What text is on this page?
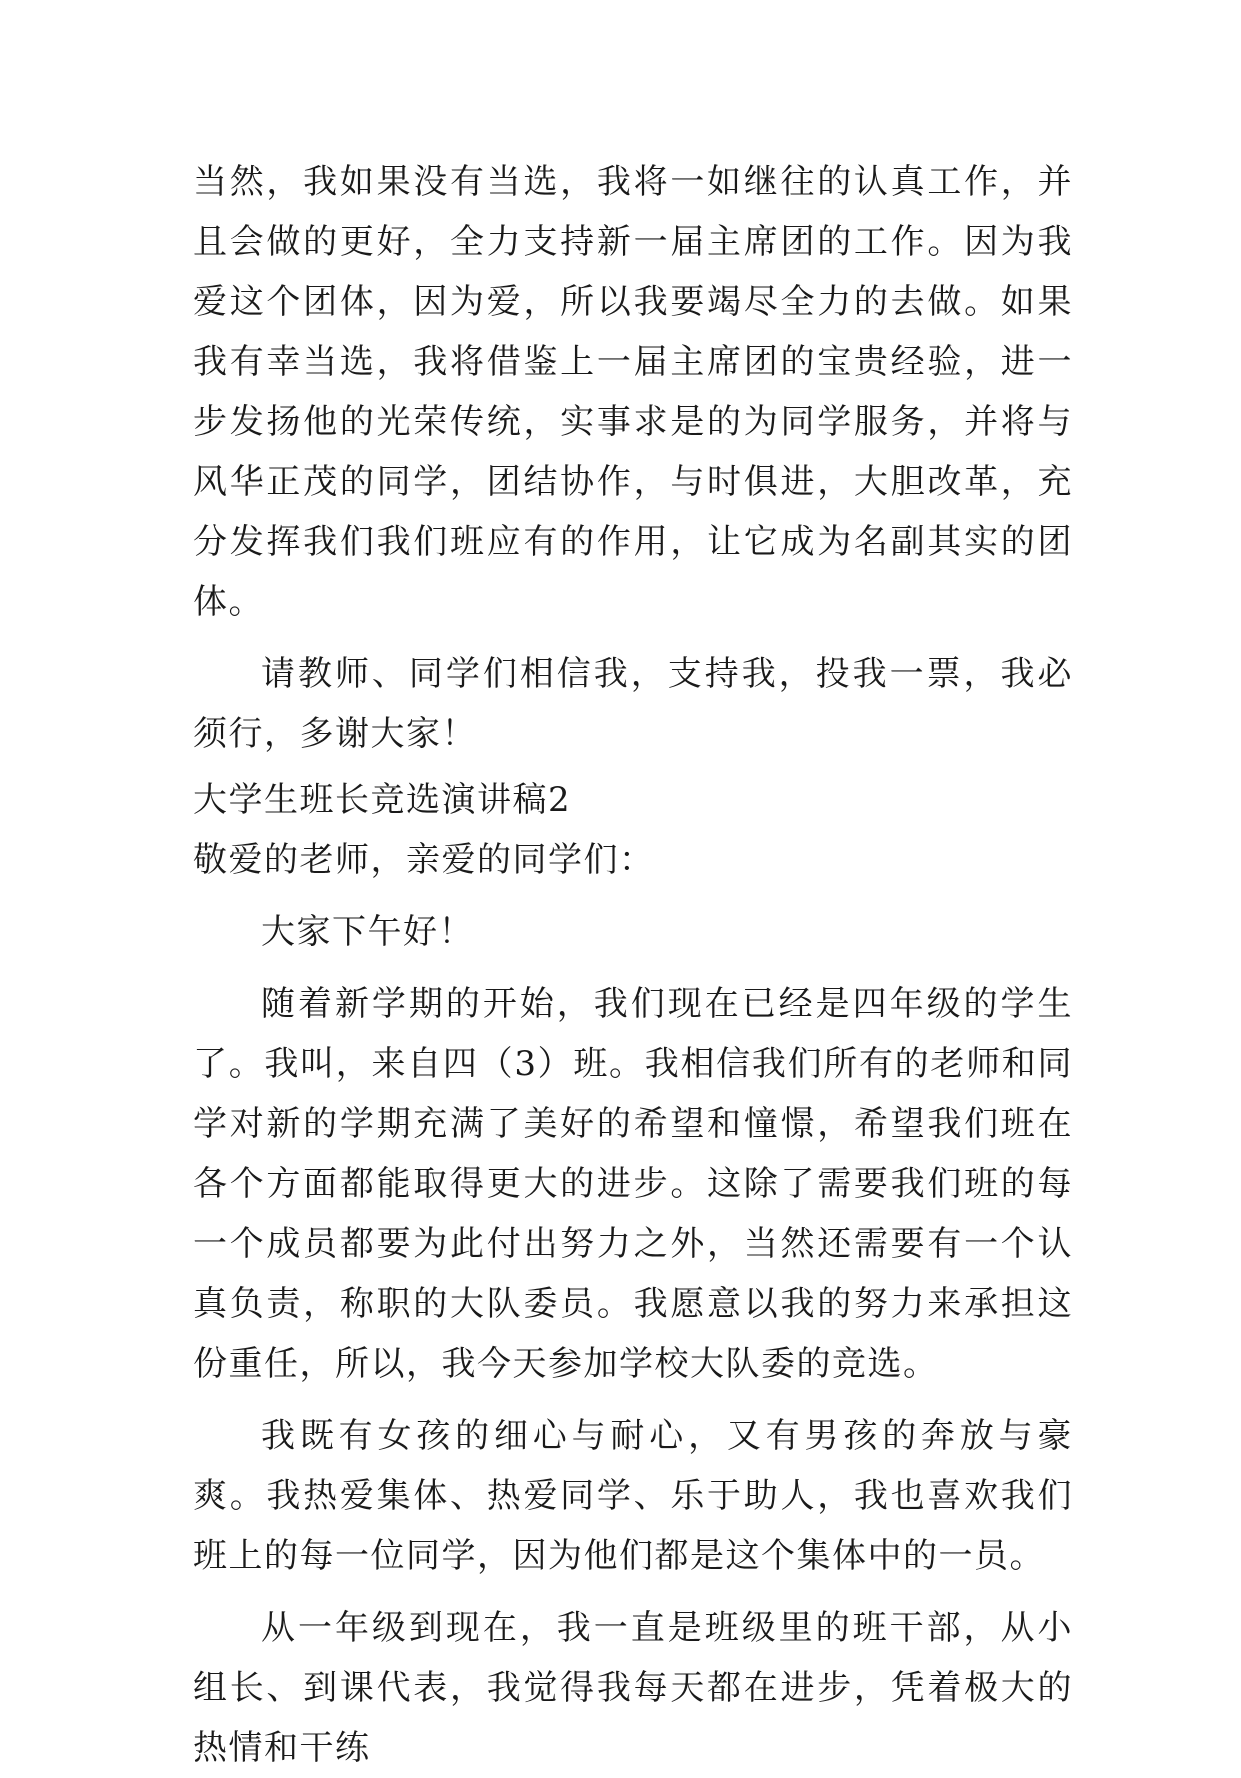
当然，我如果没有当选，我将一如继往的认真工作，并且会做的更好，全力支持新一届主席团的工作。因为我爱这个团体，因为爱，所以我要竭尽全力的去做。如果我有幸当选，我将借鉴上一届主席团的宝贵经验，进一步发扬他的光荣传统，实事求是的为同学服务，并将与风华正茂的同学，团结协作，与时俱进，大胆改革，充分发挥我们我们班应有的作用，让它成为名副其实的团体。

请教师、同学们相信我，支持我，投我一票，我必须行，多谢大家！

大学生班长竞选演讲稿2

敬爱的老师，亲爱的同学们：

大家下午好！

随着新学期的开始，我们现在已经是四年级的学生了。我叫，来自四（3）班。我相信我们所有的老师和同学对新的学期充满了美好的希望和憧憬，希望我们班在各个方面都能取得更大的进步。这除了需要我们班的每一个成员都要为此付出努力之外，当然还需要有一个认真负责，称职的大队委员。我愿意以我的努力来承担这份重任，所以，我今天参加学校大队委的竞选。

我既有女孩的细心与耐心，又有男孩的奔放与豪爽。我热爱集体、热爱同学、乐于助人，我也喜欢我们班上的每一位同学，因为他们都是这个集体中的一员。

从一年级到现在，我一直是班级里的班干部，从小组长、到课代表，我觉得我每天都在进步，凭着极大的热情和干练
